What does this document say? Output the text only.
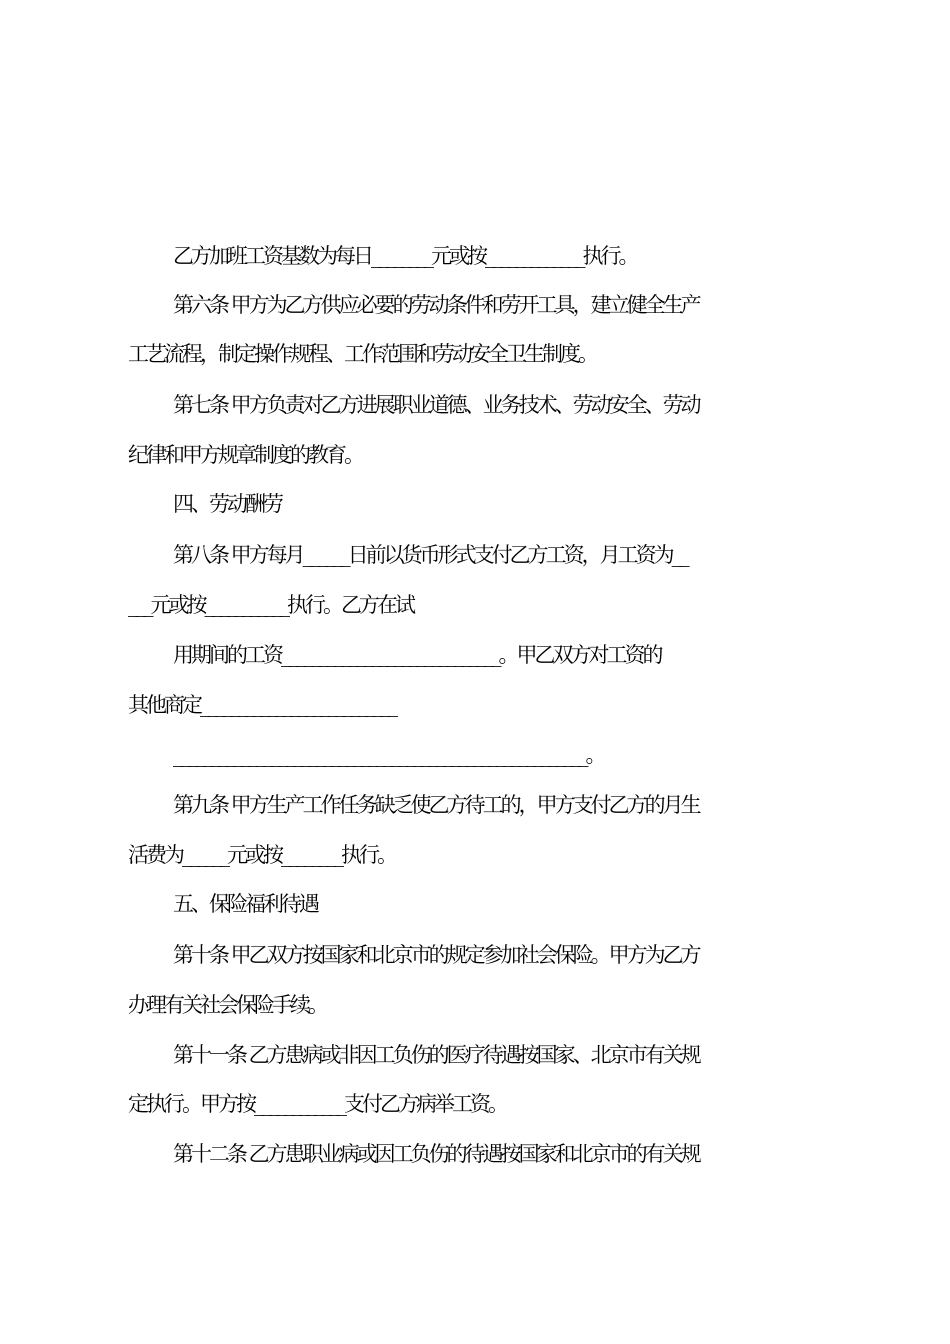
乙方加班工资基数为每日________元或按_____________执行。
第六条 甲方为乙方供应必要的劳动条件和劳开工具，建立健全生产
工艺流程，制定操作规程、工作范围和劳动安全卫生制度。
第七条 甲方负责对乙方进展职业道德、业务技术、劳动安全、劳动
纪律和甲方规章制度的教育。
四、劳动酬劳
第八条 甲方每月______日前以货币形式支付乙方工资，月工资为__
___元或按___________执行。乙方在试
用期间的工资_____________________________。甲乙双方对工资的
其他商定__________________________
_______________________________________________________。
第九条 甲方生产工作任务缺乏使乙方待工的，甲方支付乙方的月生
活费为______元或按________执行。
五、保险福利待遇
第十条 甲乙双方按国家和北京市的规定参加社会保险。甲方为乙方
办理有关社会保险手续。
第十一条 乙方患病或非因工负伤的医疗待遇按国家、北京市有关规
定执行。甲方按____________支付乙方病举工资。
第十二条 乙方患职业病或因工负伤的待遇按国家和北京市的有关规
